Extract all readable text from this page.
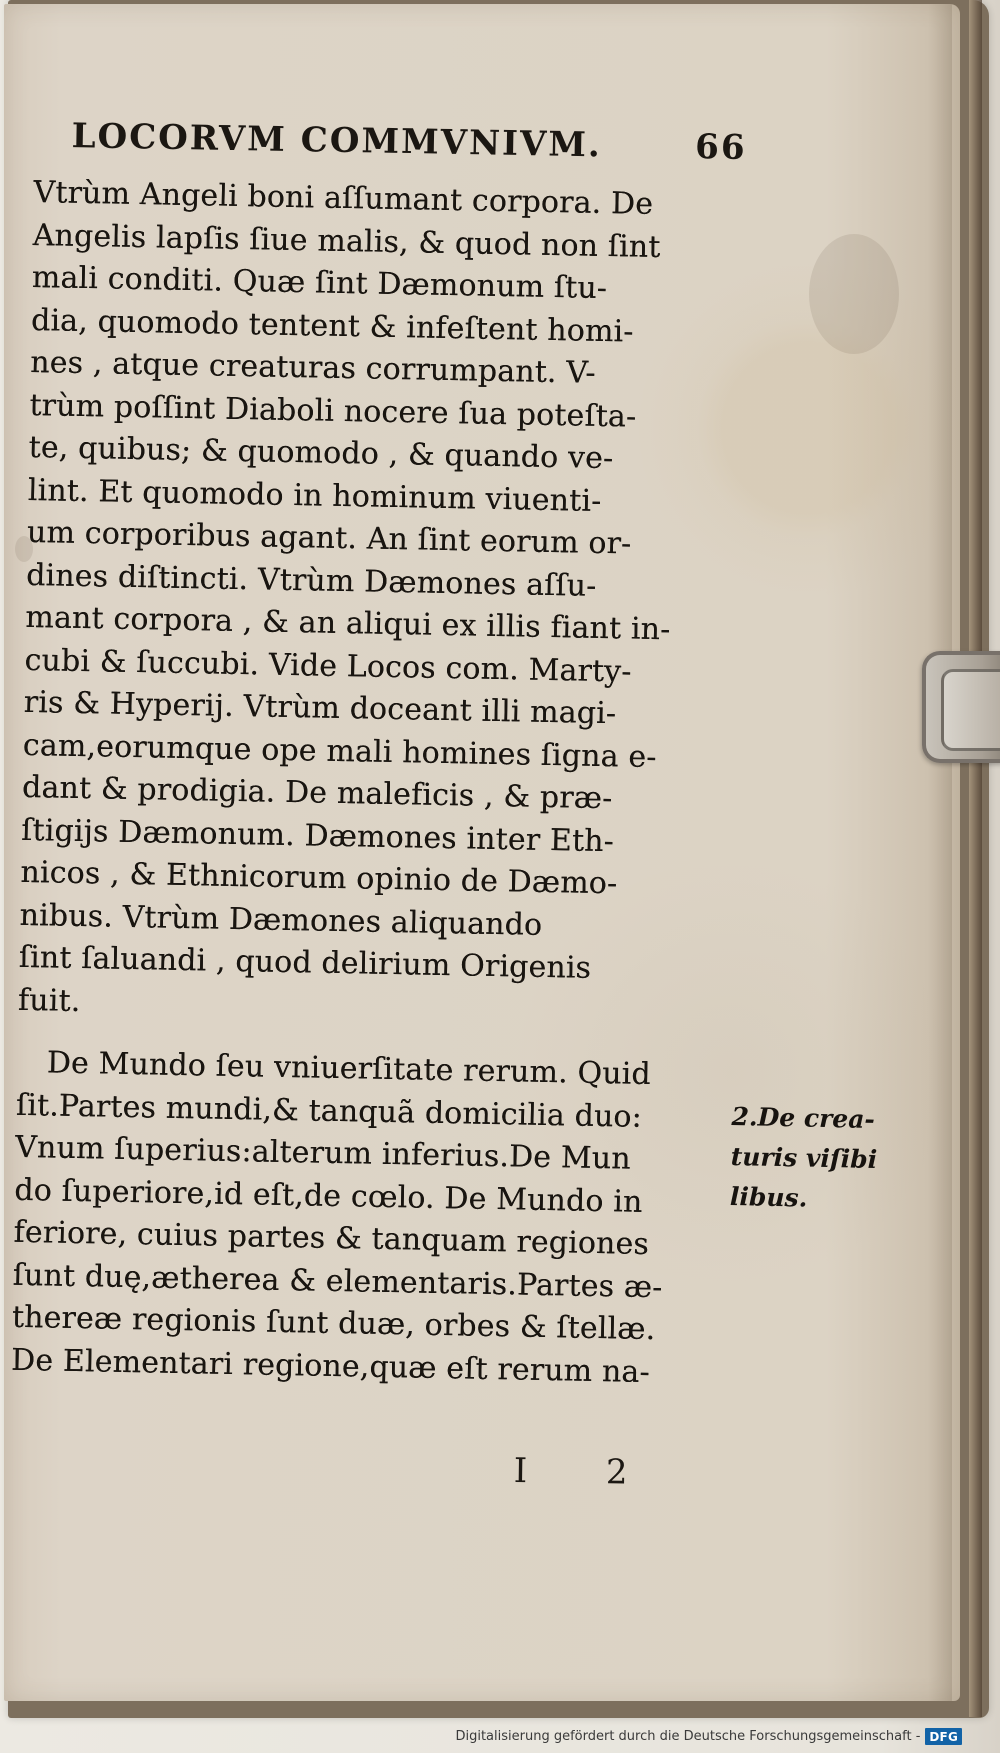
LOCORVM COMMVNIVM.	66
Vtrùm Angeli boni aſſumant corpora. De
Angelis lapſis ſiue malis, & quod non ſint
mali conditi. Quæ ſint Dæmonum ſtu-
dia, quomodo tentent & infeſtent homi-
nes , atque creaturas corrumpant. V-
trùm poſſint Diaboli nocere ſua poteſta-
te, quibus; & quomodo , & quando ve-
lint. Et quomodo in hominum viuenti-
um corporibus agant. An ſint eorum or-
dines diſtincti. Vtrùm Dæmones aſſu-
mant corpora , & an aliqui ex illis fiant in-
cubi & ſuccubi. Vide Locos com. Marty-
ris & Hyperij. Vtrùm doceant illi magi-
cam,eorumque ope mali homines ſigna e-
dant & prodigia. De maleficis , & præ-
ſtigijs Dæmonum. Dæmones inter Eth-
nicos , & Ethnicorum opinio de Dæmo-
nibus. Vtrùm Dæmones aliquando
ſint ſaluandi , quod delirium Origenis
fuit.
De Mundo ſeu vniuerſitate rerum. Quid
ſit.Partes mundi,& tanquã domicilia duo:
Vnum ſuperius:alterum inferius.De Mun
do ſuperiore,id eſt,de cœlo. De Mundo in
feriore, cuius partes & tanquam regiones
ſunt duę,ætherea & elementaris.Partes æ-
thereæ regionis ſunt duæ, orbes & ſtellæ.
De Elementari regione,quæ eſt rerum na-
2.De crea-
turis viſibi
libus.
I 2
Digitalisierung gefördert durch die Deutsche Forschungsgemeinschaft - DFG
